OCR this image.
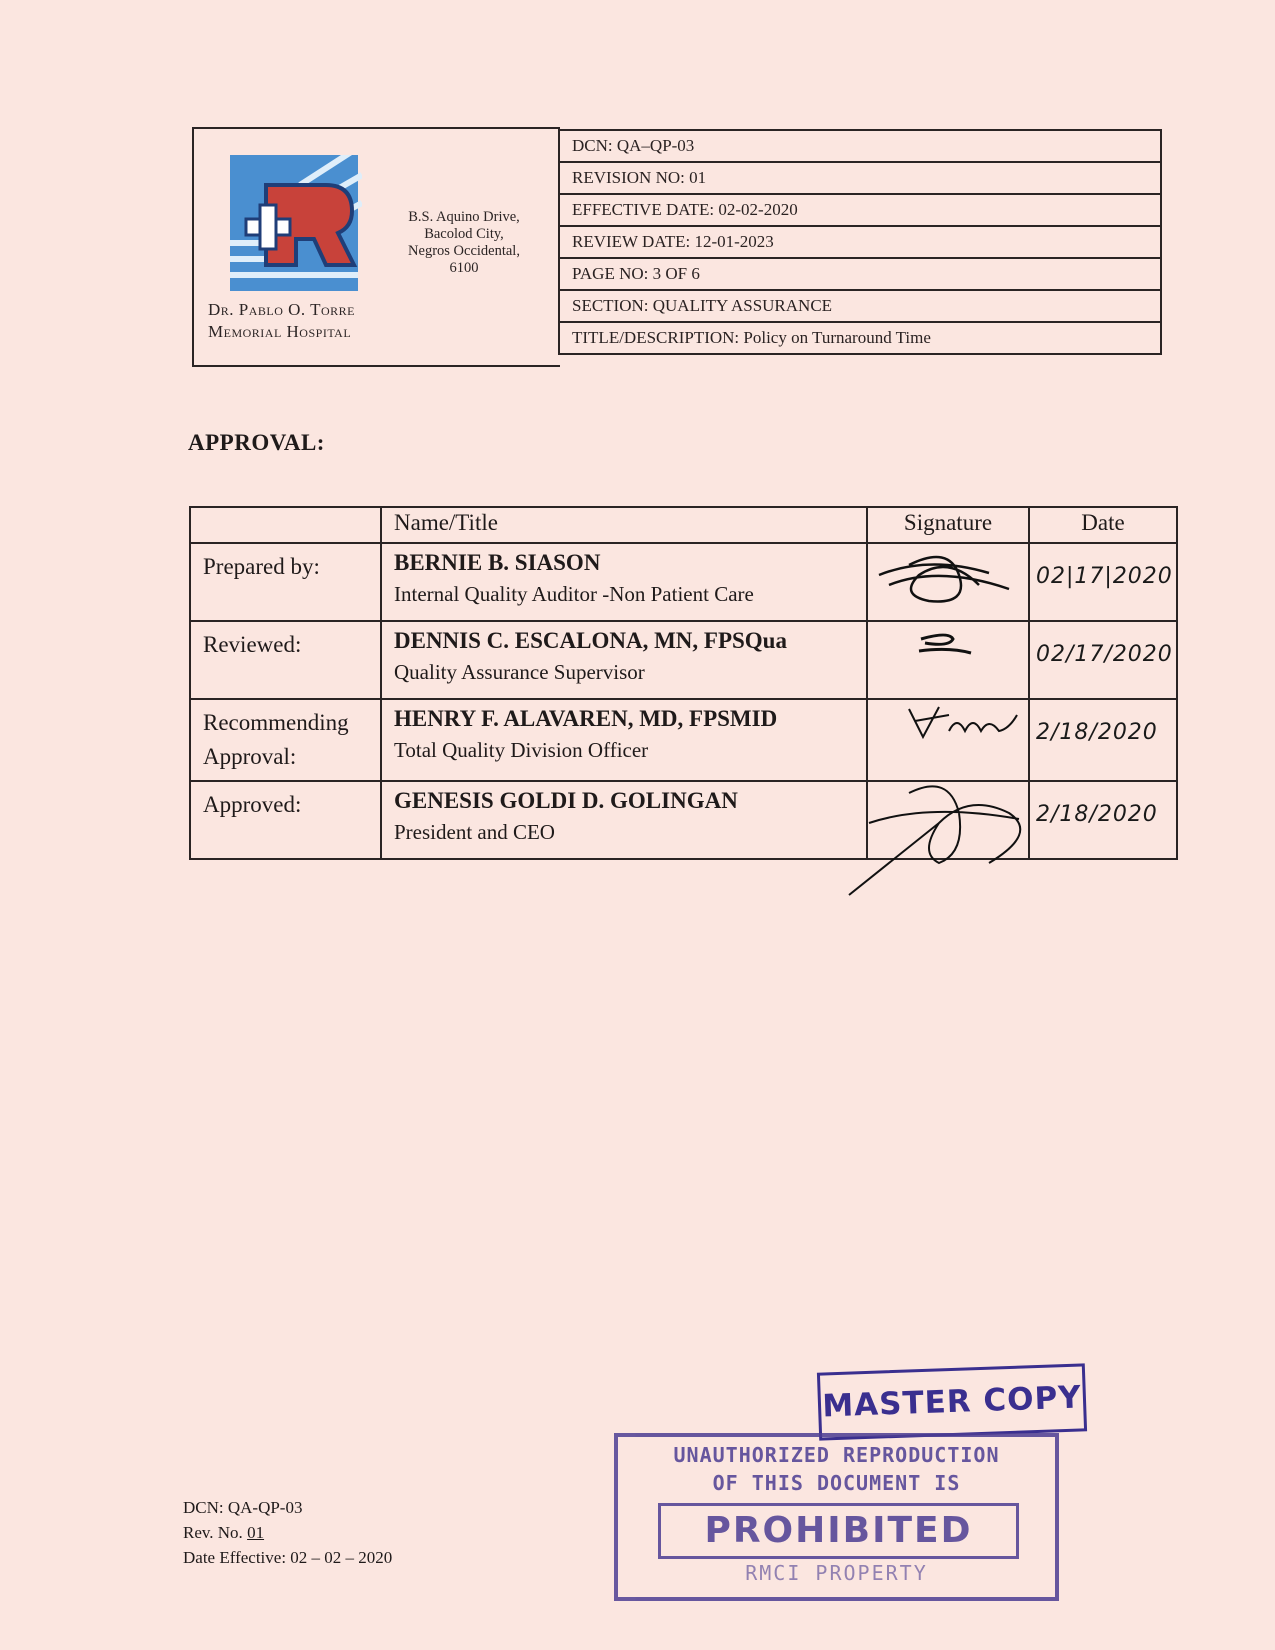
Dr. Pablo O. Torre
Memorial Hospital
B.S. Aquino Drive,
Bacolod City,
Negros Occidental,
6100
DCN: QA–QP-03
REVISION NO: 01
EFFECTIVE DATE: 02-02-2020
REVIEW DATE: 12-01-2023
PAGE NO: 3 OF 6
SECTION: QUALITY ASSURANCE
TITLE/DESCRIPTION: Policy on Turnaround Time
APPROVAL:
	Name/Title	Signature	Date
Prepared by:	BERNIE B. SIASON
Internal Quality Auditor -Non Patient Care		02|17|2020

Reviewed:	DENNIS C. ESCALONA, MN, FPSQua
Quality Assurance Supervisor		02/17/2020

Recommending Approval:	HENRY F. ALAVAREN, MD, FPSMID
Total Quality Division Officer		2/18/2020

Approved:	GENESIS GOLDI D. GOLINGAN
President and CEO		2/18/2020
DCN: QA-QP-03
Rev. No. 01
Date Effective: 02 – 02 – 2020
MASTER COPY
UNAUTHORIZED REPRODUCTION
OF THIS DOCUMENT IS
PROHIBITED
RMCI PROPERTY
